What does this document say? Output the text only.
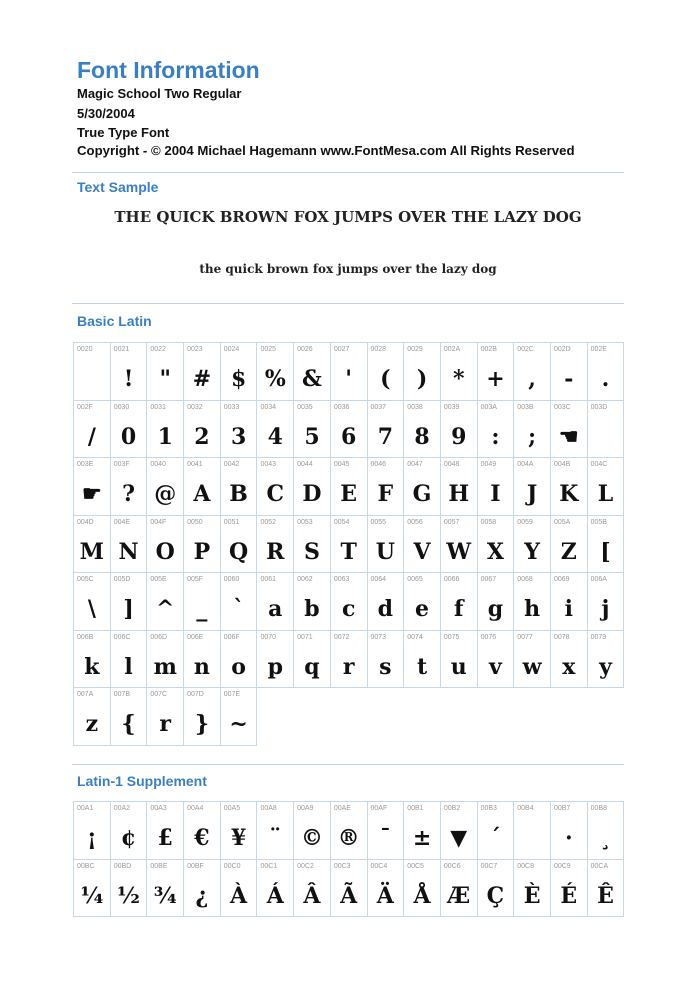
Font Information
Magic School Two Regular
5/30/2004
True Type Font
Copyright - © 2004 Michael Hagemann www.FontMesa.com All Rights Reserved
Text Sample
THE QUICK BROWN FOX JUMPS OVER THE LAZY DOG
the quick brown fox jumps over the lazy dog
Basic Latin
0020	0021
!
0022
"
0023
#
0024
$
0025
%
0026
&
0027
'
0028
(
0029
)
002A
*
002B
+
002C
,
002D
-
002E
.
002F
/
0030
0
0031
1
0032
2
0033
3
0034
4
0035
5
0036
6
0037
7
0038
8
0039
9
003A
:
003B
;
003C
☚
003D
003E
☛
003F
?
0040
@
0041
A
0042
B
0043
C
0044
D
0045
E
0046
F
0047
G
0048
H
0049
I
004A
J
004B
K
004C
L
004D
M
004E
N
004F
O
0050
P
0051
Q
0052
R
0053
S
0054
T
0055
U
0056
V
0057
W
0058
X
0059
Y
005A
Z
005B
[
005C
\
005D
]
005E
^
005F
_
0060
`
0061
a
0062
b
0063
c
0064
d
0065
e
0066
f
0067
g
0068
h
0069
i
006A
j
006B
k
006C
l
006D
m
006E
n
006F
o
0070
p
0071
q
0072
r
0073
s
0074
t
0075
u
0076
v
0077
w
0078
x
0079
y
007A
z
007B
{
007C
r
007D
}
007E
~
Latin-1 Supplement
00A1
¡
00A2
¢
00A3
£
00A4
€
00A5
¥
00A8
¨
00A9
©
00AE
®
00AF
¯
00B1
±
00B2
▼
00B3
´
00B4	00B7
·
00B8
¸
00BC
¼
00BD
½
00BE
¾
00BF
¿
00C0
À
00C1
Á
00C2
Â
00C3
Ã
00C4
Ä
00C5
Å
00C6
Æ
00C7
Ç
00C8
È
00C9
É
00CA
Ê
